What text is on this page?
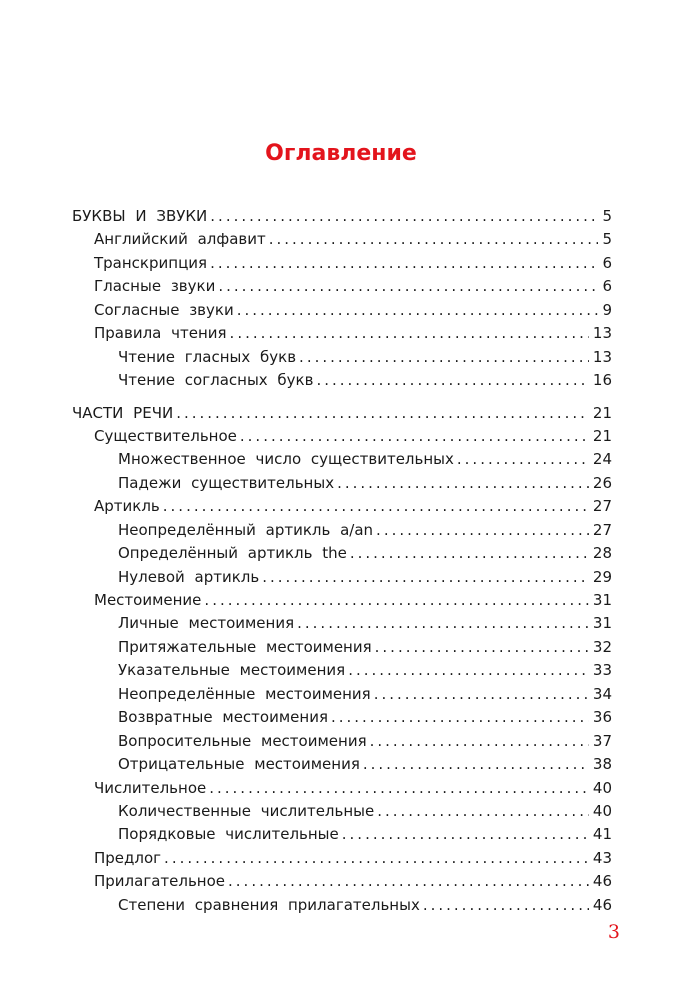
Оглавление
БУКВЫ И ЗВУКИ .....	5
Английский алфавит .....	5
Транскрипция .....	6
Гласные звуки .....	6
Согласные звуки .....	9
Правила чтения .....	13
Чтение гласных букв .....	13
Чтение согласных букв .....	16
ЧАСТИ РЕЧИ .....	21
Существительное .....	21
Множественное число существительных .....	24
Падежи существительных .....	26
Артикль .....	27
Неопределённый артикль a/an .....	27
Определённый артикль the .....	28
Нулевой артикль .....	29
Местоимение .....	31
Личные местоимения .....	31
Притяжательные местоимения .....	32
Указательные местоимения .....	33
Неопределённые местоимения .....	34
Возвратные местоимения .....	36
Вопросительные местоимения .....	37
Отрицательные местоимения .....	38
Числительное .....	40
Количественные числительные .....	40
Порядковые числительные .....	41
Предлог .....	43
Прилагательное .....	46
Степени сравнения прилагательных .....	46
3
